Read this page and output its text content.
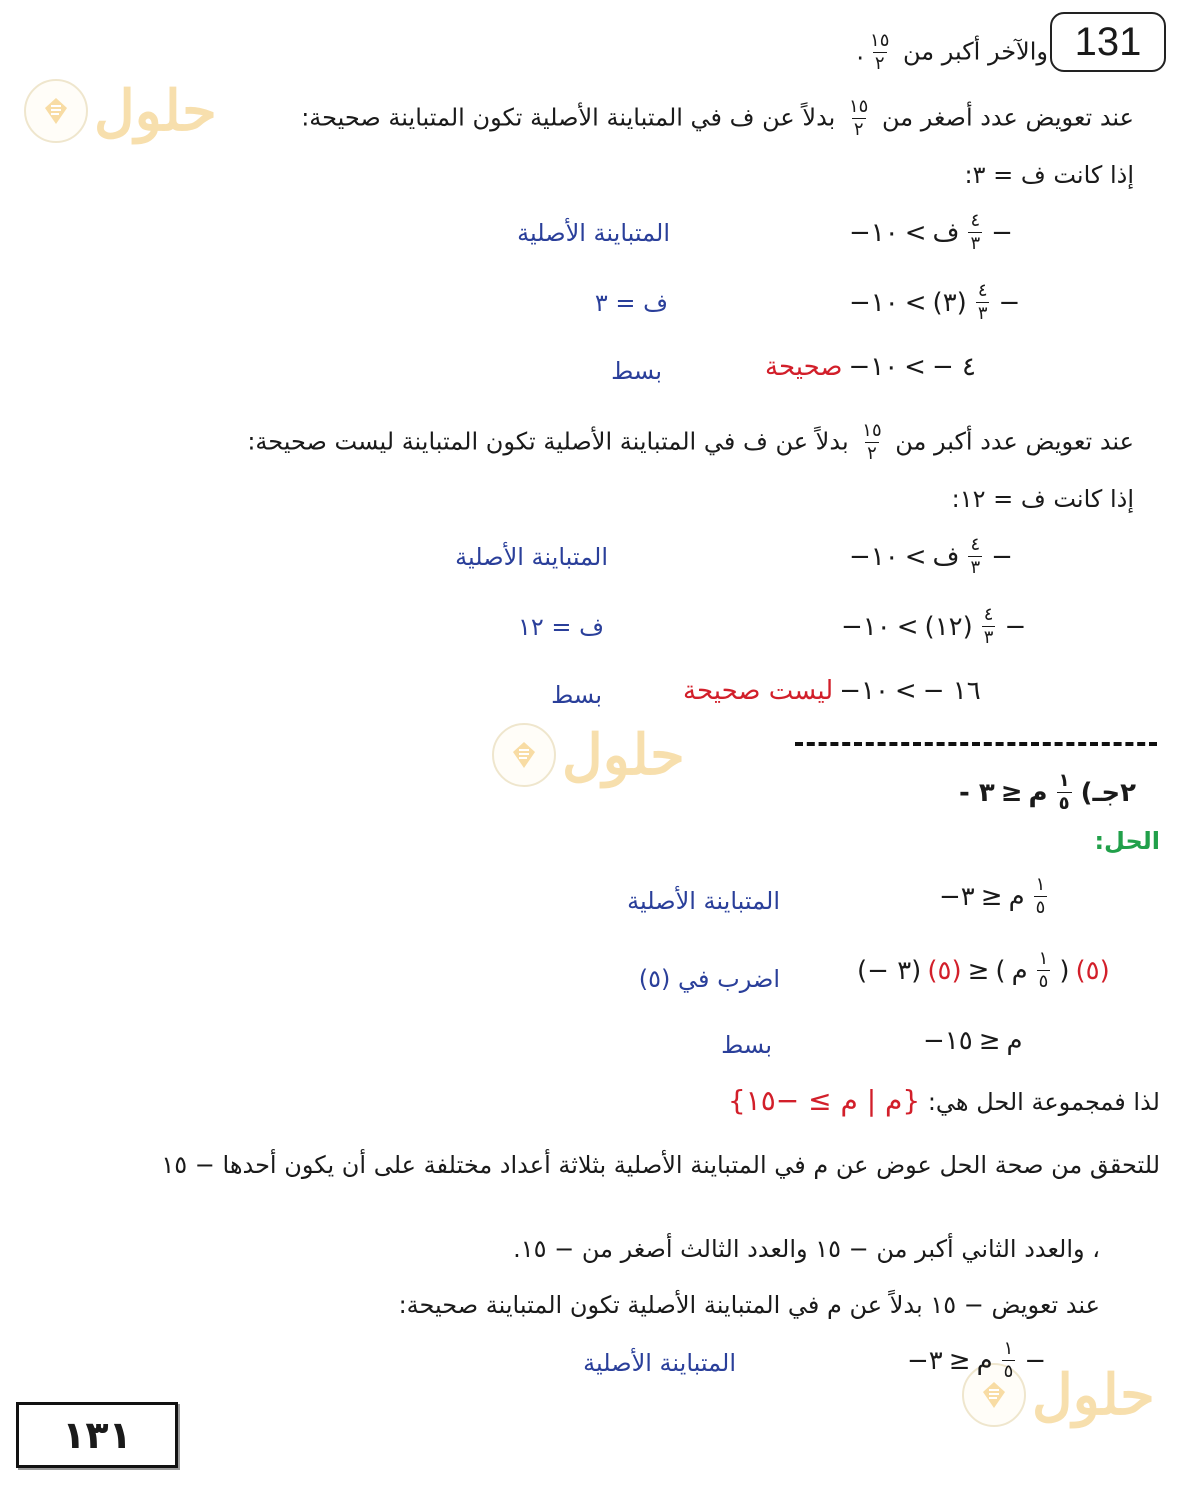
131
حلول
حلول
حلول
والآخر أكبر من
$\frac{١٥}{٢}$
.
عند تعويض عدد أصغر من
$\frac{١٥}{٢}$
بدلاً عن ف في المتباينة الأصلية تكون المتباينة صحيحة:
إذا كانت ف = ٣:
−١٠ < ف $\frac{٤}{٣}$ −
المتباينة الأصلية
−١٠ < (٣) $\frac{٤}{٣}$ −
ف = ٣
صحيحة −١٠ < − ٤
بسط
عند تعويض عدد أكبر من
$\frac{١٥}{٢}$
بدلاً عن ف في المتباينة الأصلية تكون المتباينة ليست صحيحة:
إذا كانت ف = ١٢:
−١٠ < ف $\frac{٤}{٣}$ −
المتباينة الأصلية
−١٠ < (١٢) $\frac{٤}{٣}$ −
ف = ١٢
ليست صحيحة −١٠ < − ١٦
بسط
- ٣ ≥ م $\frac{١}{٥}$ ٢جـ)
الحل:
−٣ ≥ م $\frac{١}{٥}$
المتباينة الأصلية
(− ٣) (٥) ≥ ( م $\frac{١}{٥}$ ) (٥)
اضرب في (٥)
−١٥ ≥ م
بسط
لذا فمجموعة الحل هي: {م | م ≥ −١٥}
للتحقق من صحة الحل عوض عن م في المتباينة الأصلية بثلاثة أعداد مختلفة على أن يكون أحدها − ١٥
، والعدد الثاني أكبر من − ١٥ والعدد الثالث أصغر من − ١٥.
عند تعويض − ١٥ بدلاً عن م في المتباينة الأصلية تكون المتباينة صحيحة:
−٣ ≥ م $\frac{١}{٥}$ −
المتباينة الأصلية
١٣١
